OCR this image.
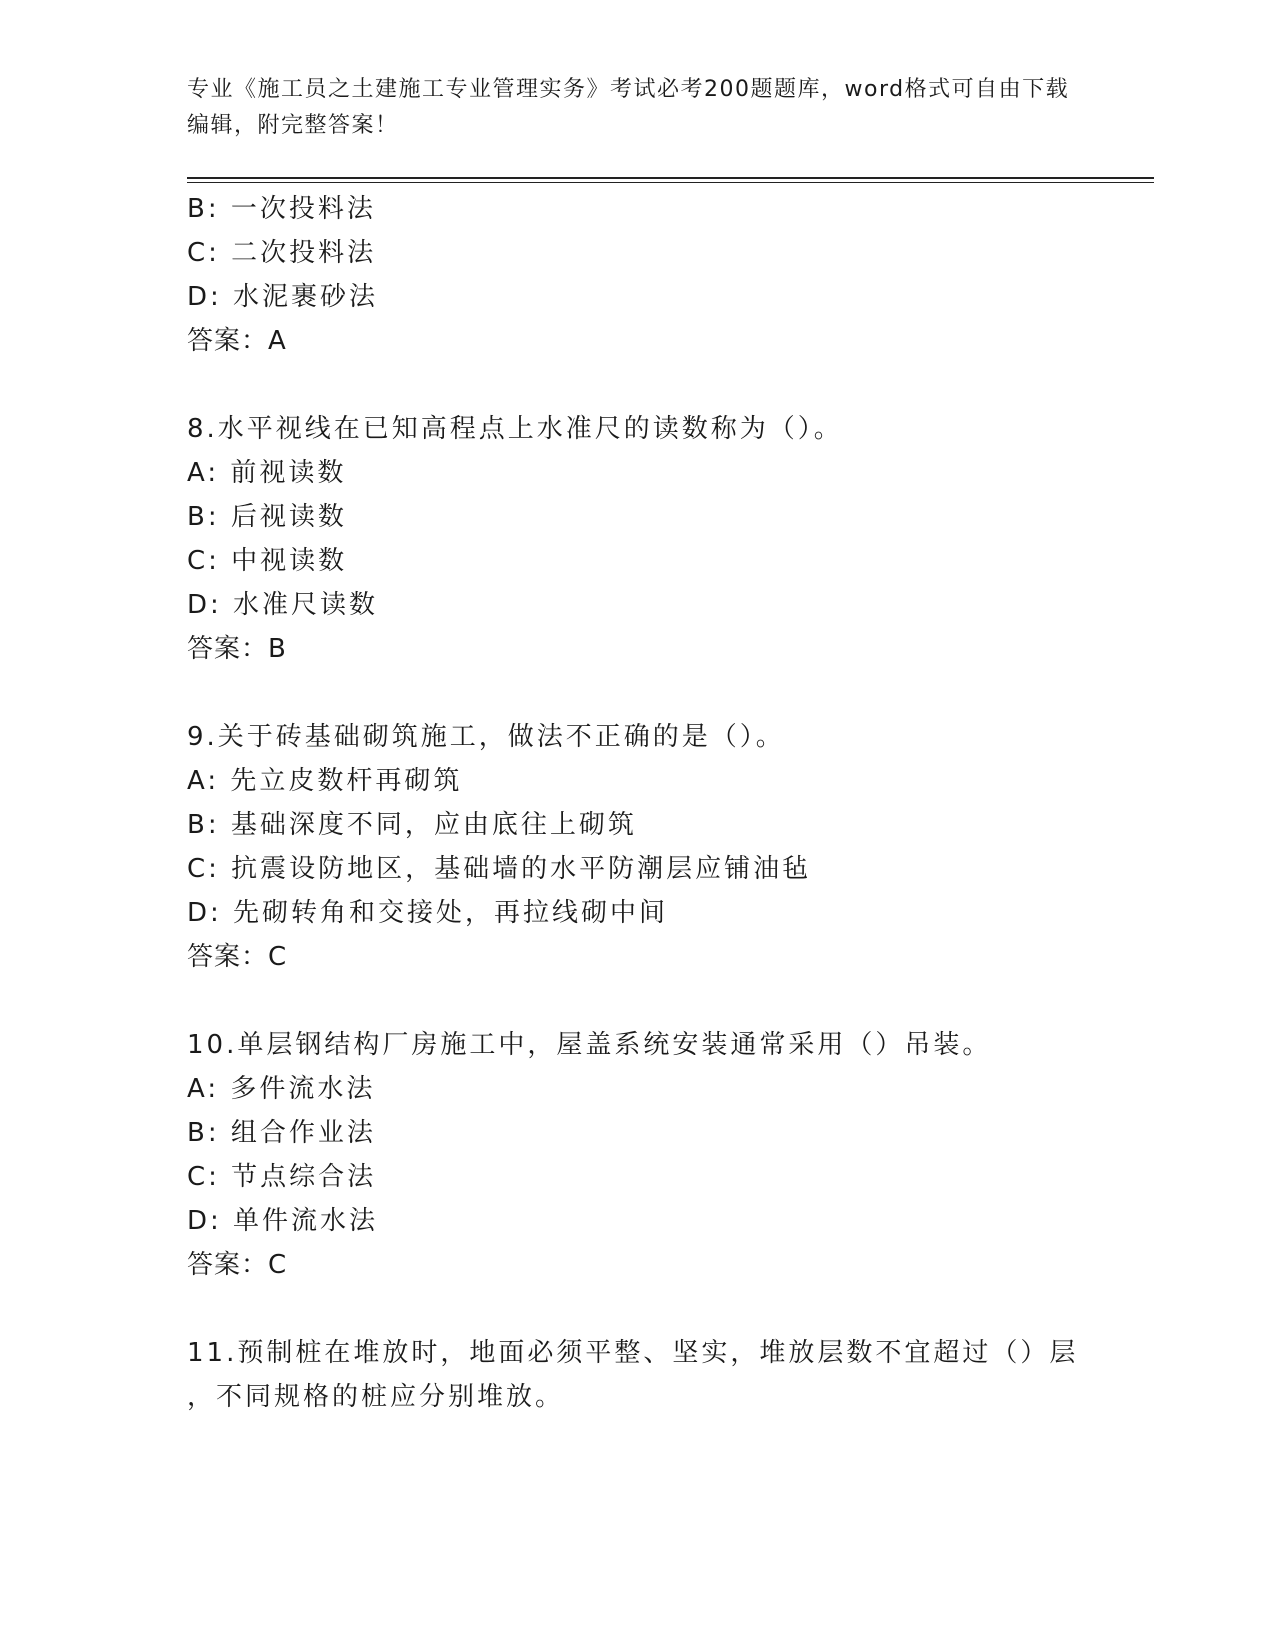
专业《施工员之土建施工专业管理实务》考试必考200题题库，word格式可自由下载编辑，附完整答案！
B: 一次投料法
C: 二次投料法
D: 水泥裹砂法
答案：A
8.水平视线在已知高程点上水准尺的读数称为（）。
A: 前视读数
B: 后视读数
C: 中视读数
D: 水准尺读数
答案：B
9.关于砖基础砌筑施工，做法不正确的是（）。
A: 先立皮数杆再砌筑
B: 基础深度不同，应由底往上砌筑
C: 抗震设防地区，基础墙的水平防潮层应铺油毡
D: 先砌转角和交接处，再拉线砌中间
答案：C
10.单层钢结构厂房施工中，屋盖系统安装通常采用（）吊装。
A: 多件流水法
B: 组合作业法
C: 节点综合法
D: 单件流水法
答案：C
11.预制桩在堆放时，地面必须平整、坚实，堆放层数不宜超过（）层
，不同规格的桩应分别堆放。
